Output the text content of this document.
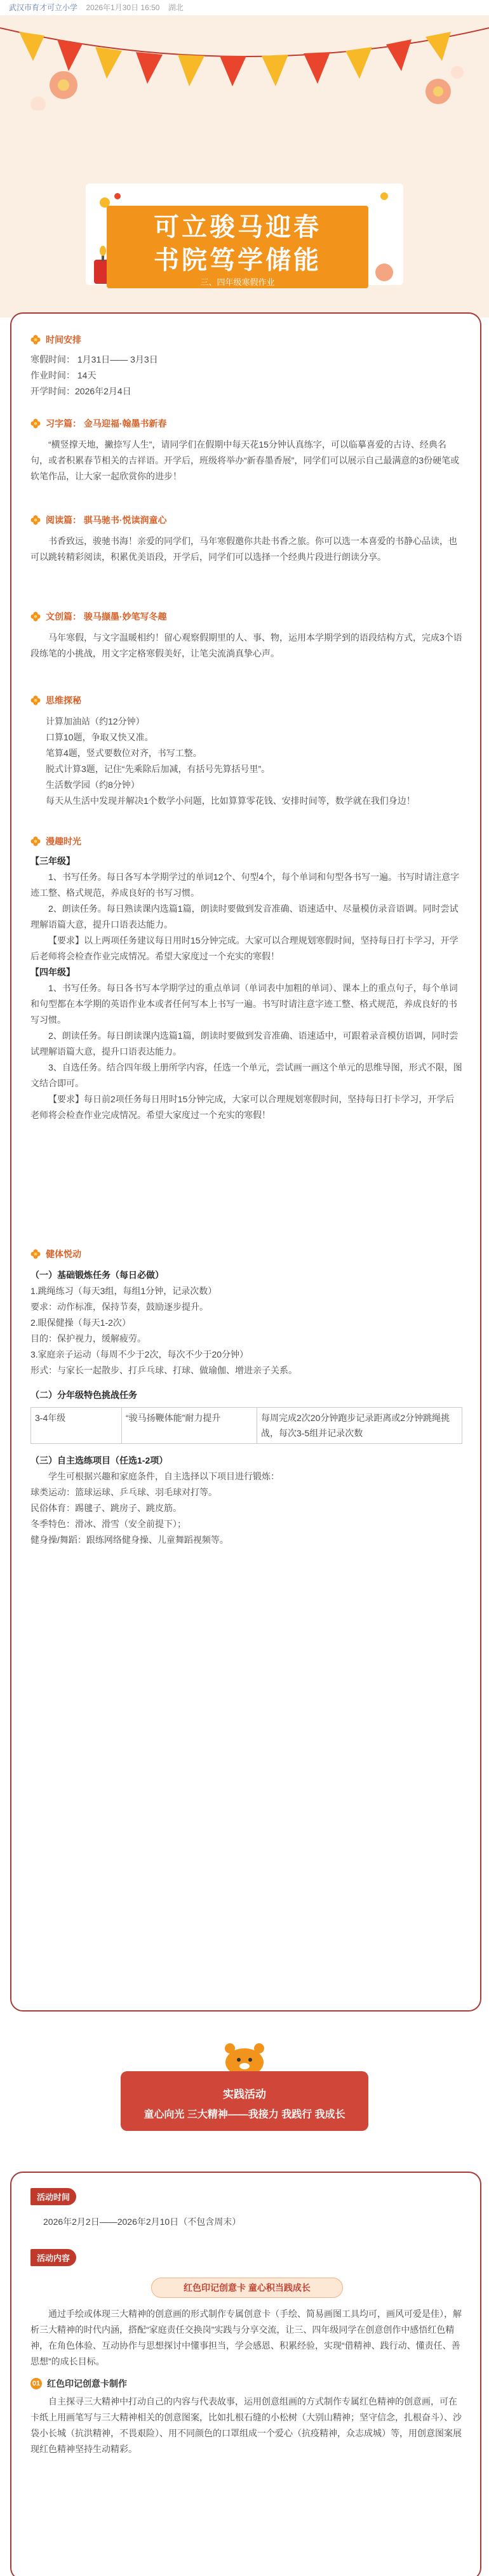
武汉市育才可立小学 2026年1月30日 16:50 湖北
可立骏马迎春
书院笃学储能
三、四年级寒假作业
时间安排

寒假时间： 1月31日—— 3月3日

作业时间： 14天

开学时间：2026年2月4日

习字篇： 金马迎福·翰墨书新春
“横竖撑天地，撇捺写人生”，请同学们在假期中每天花15分钟认真练字，可以临摹喜爱的古诗、经典名句，或者积累春节相关的吉祥语。开学后，班级将举办“新春墨香展”，同学们可以展示自己最满意的3份硬笔或软笔作品，让大家一起欣赏你的进步！
阅读篇： 骐马驰书·悦读润童心
书香致远，骏驰书海！亲爱的同学们，马年寒假邀你共赴书香之旅。你可以选一本喜爱的书静心品读，也可以跳转精彩阅读，积累优美语段，开学后，同学们可以选择一个经典片段进行朗读分享。
文创篇： 骏马撷墨·妙笔写冬趣
马年寒假，与文字温暖相约！留心观察假期里的人、事、物，运用本学期学到的语段结构方式，完成3个语段练笔的小挑战，用文字定格寒假美好，让笔尖流淌真挚心声。
思维探秘

计算加油站（约12分钟）

口算10题，争取又快又准。

笔算4题，竖式要数位对齐，书写工整。

脱式计算3题，记住“先乘除后加减，有括号先算括号里”。

生活数学园（约8分钟）

每天从生活中发现并解决1个数学小问题，比如算算零花钱、安排时间等，数学就在我们身边！

漫趣时光

【三年级】

1、书写任务。每日各写本学期学过的单词12个、句型4个，每个单词和句型各书写一遍。书写时请注意字迹工整、格式规范，养成良好的书写习惯。

2、朗读任务。每日熟读课内选篇1篇，朗读时要做到发音准确、语速适中、尽量模仿录音语调。同时尝试理解语篇大意，提升口语表达能力。

【要求】以上两项任务建议每日用时15分钟完成。大家可以合理规划寒假时间，坚持每日打卡学习，开学后老师将会检查作业完成情况。希望大家度过一个充实的寒假！

【四年级】

1、书写任务。每日各书写本学期学过的重点单词（单词表中加粗的单词）、课本上的重点句子，每个单词和句型都在本学期的英语作业本或者任何写本上书写一遍。书写时请注意字迹工整、格式规范，养成良好的书写习惯。

2、朗读任务。每日朗读课内选篇1篇，朗读时要做到发音准确、语速适中，可跟着录音模仿语调，同时尝试理解语篇大意，提升口语表达能力。

3、自选任务。结合四年级上册所学内容，任选一个单元，尝试画一画这个单元的思维导图，形式不限，图文结合即可。

【要求】每日前2项任务每日用时15分钟完成，大家可以合理规划寒假时间，坚持每日打卡学习，开学后老师将会检查作业完成情况。希望大家度过一个充实的寒假！

健体悦动

（一）基础锻炼任务（每日必做）

1.跳绳练习（每天3组，每组1分钟，记录次数）

要求：动作标准，保持节奏，鼓励逐步提升。

2.眼保健操（每天1-2次）

目的：保护视力，缓解疲劳。

3.家庭亲子运动（每周不少于2次，每次不少于20分钟）

形式：与家长一起散步、打乒乓球、打球、做瑜伽、增进亲子关系。

（二）分年级特色挑战任务

3-4年级	“骏马扬鞭体能”耐力提升	每周完成2次20分钟跑步记录距离或2分钟跳绳挑战，每次3-5组并记录次数

（三）自主选练项目（任选1-2项）

学生可根据兴趣和家庭条件，自主选择以下项目进行锻炼：

球类运动：篮球运球、乒乓球、羽毛球对打等。

民俗体育：踢毽子、跳房子、跳皮筋。

冬季特色：滑冰、滑雪（安全前提下）；

健身操/舞蹈：跟练网络健身操、儿童舞蹈视频等。

实践活动
童心向光 三大精神——我接力 我践行 我成长
活动时间
2026年2月2日——2026年2月10日（不包含周末）
活动内容
红色印记创意卡 童心积当践成长
通过手绘或体现三大精神的创意画的形式制作专属创意卡（手绘、简易画图工具均可，画风可爱是佳），解析三大精神的时代内涵，搭配“家庭责任交换岗”实践与分享交流，让三、四年级同学在创意创作中感悟红色精神，在角色体验、互动协作与思想探讨中懂事担当，学会感恩、积累经验，实现“借精神、践行动、懂责任、善思想”的成长目标。
01 红色印记创意卡制作
自主探寻三大精神中打动自己的内容与代表故事，运用创意组画的方式制作专属红色精神的创意画，可在卡纸上用画笔写与三大精神相关的创意图案，比如扎根石缝的小松树（大别山精神；坚守信念，扎根奋斗）、沙袋小长城（抗洪精神，不畏艰险）、用不同颜色的口罩组成一个爱心（抗疫精神，众志成城）等，用创意图案展现红色精神坚持生动精彩。
